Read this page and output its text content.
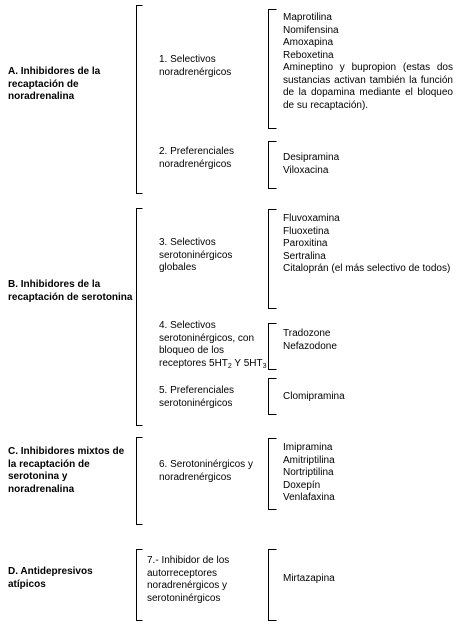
A. Inhibidores de la recaptación de noradrenalina
B. Inhibidores de la recaptación de serotonina
C. Inhibidores mixtos de la recaptación de serotonina y noradrenalina
D. Antidepresivos atípicos
1. Selectivos noradrenérgicos
2. Preferenciales noradrenérgicos
3. Selectivos serotoninérgicos globales
4. Selectivos serotoninérgicos, con bloqueo de los receptores $5HT_2$ Y $5HT_3$
5. Preferenciales serotoninérgicos
6. Serotoninérgicos y noradrenérgicos
7.- Inhibidor de los autorreceptores noradrenérgicos y serotoninérgicos
Maprotilina
Nomifensina
Amoxapina
Reboxetina
Amineptino y bupropion (estas dos sustancias activan también la función de la dopamina mediante el bloqueo de su recaptación).
Desipramina
Viloxacina
Fluvoxamina
Fluoxetina
Paroxitina
Sertralina
Citaloprán (el más selectivo de todos)
Tradozone
Nefazodone
Clomipramina
Imipramina
Amitriptilina
Nortriptilina
Doxepín
Venlafaxina
Mirtazapina
